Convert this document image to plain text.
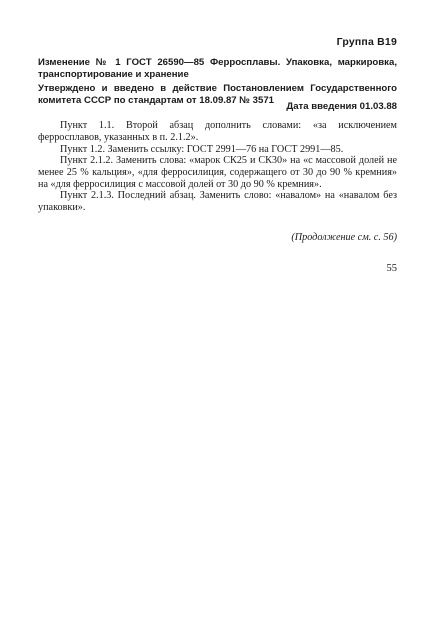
Группа В19
Изменение № 1 ГОСТ 26590—85 Ферросплавы. Упаковка, маркировка, транспортирование и хранение
Утверждено и введено в действие Постановлением Государственного комитета СССР по стандартам от 18.09.87 № 3571
Дата введения 01.03.88

Пункт 1.1. Второй абзац дополнить словами: «за исключением ферросплавов, указанных в п. 2.1.2».

Пункт 1.2. Заменить ссылку: ГОСТ 2991—76 на ГОСТ 2991—85.

Пункт 2.1.2. Заменить слова: «марок СК25 и СК30» на «с массовой долей не менее 25 % кальция», «для ферросилиция, содержащего от 30 до 90 % кремния» на «для ферросилиция с массовой долей от 30 до 90 % кремния».

Пункт 2.1.3. Последний абзац. Заменить слово: «навалом» на «навалом без упаковки».

(Продолжение см. с. 56)
55
